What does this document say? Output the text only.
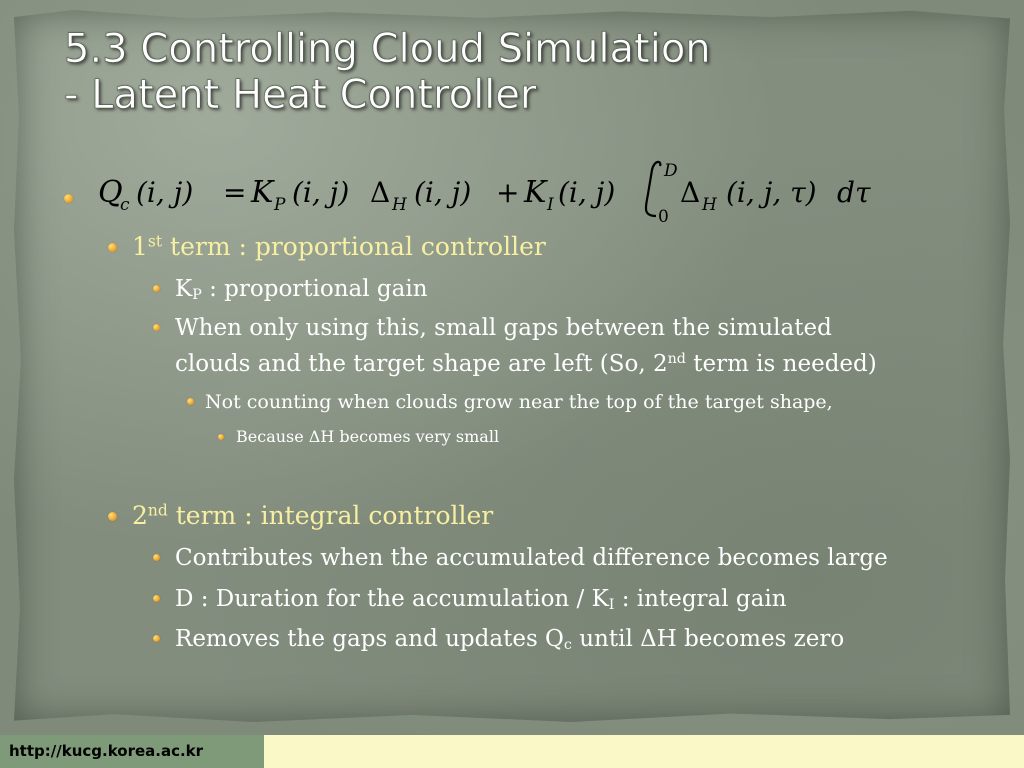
5.3 Controlling Cloud Simulation
- Latent Heat Controller
Q
c (i, j) = K P (i, j) Δ H (i, j) + K I (i, j)
D
0
Δ H (i, j, τ) d τ
1st term : proportional controller
$K_P$ : proportional gain
When only using this, small gaps between the simulated
clouds and the target shape are left (So, 2nd term is needed)
Not counting when clouds grow near the top of the target shape,
Because ΔH becomes very small
2nd term : integral controller
Contributes when the accumulated difference becomes large
D : Duration for the accumulation / $K_I$ : integral gain
Removes the gaps and updates $Q_c$ until ΔH becomes zero
http://kucg.korea.ac.kr
